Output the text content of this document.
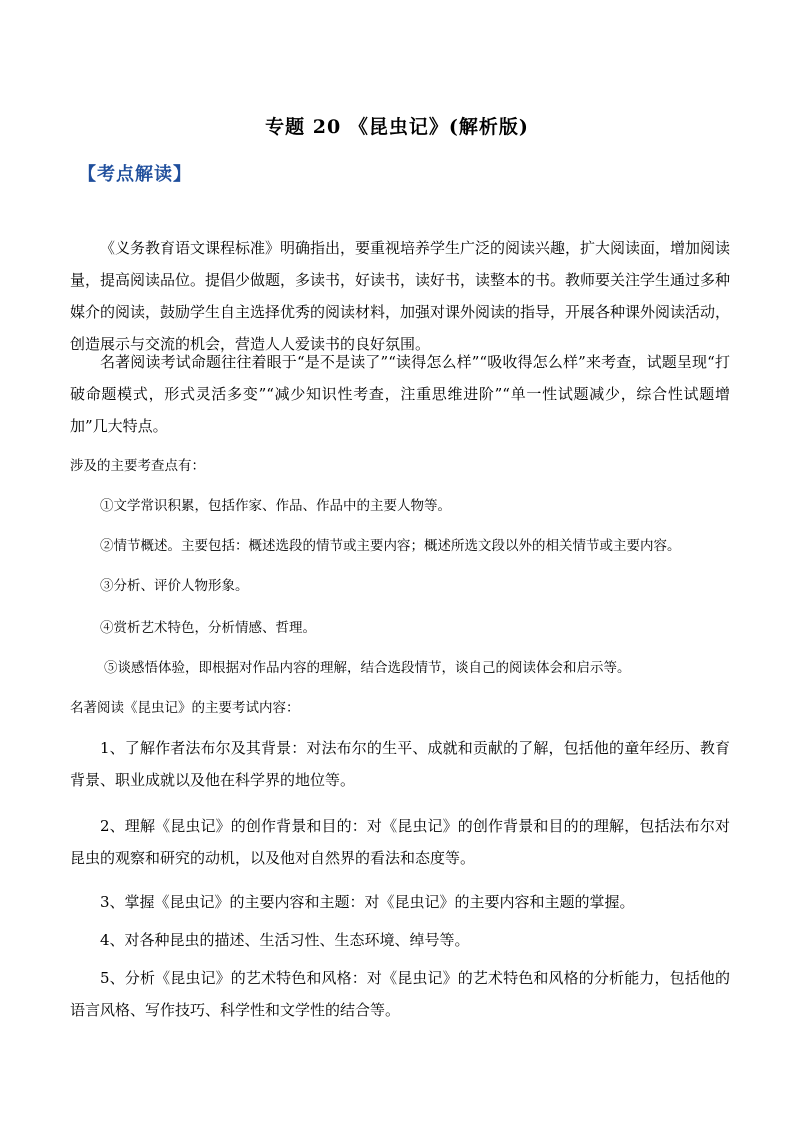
专题 20 《昆虫记》(解析版)
【考点解读】

《义务教育语文课程标准》明确指出，要重视培养学生广泛的阅读兴趣，扩大阅读面，增加阅读量，提高阅读品位。提倡少做题，多读书，好读书，读好书，读整本的书。教师要关注学生通过多种媒介的阅读，鼓励学生自主选择优秀的阅读材料，加强对课外阅读的指导，开展各种课外阅读活动，创造展示与交流的机会，营造人人爱读书的良好氛围。

名著阅读考试命题往往着眼于“是不是读了”“读得怎么样”“吸收得怎么样”来考查，试题呈现“打破命题模式，形式灵活多变”“减少知识性考查，注重思维进阶”“单一性试题减少，综合性试题增加”几大特点。

涉及的主要考查点有：
①文学常识积累，包括作家、作品、作品中的主要人物等。
②情节概述。主要包括：概述选段的情节或主要内容；概述所选文段以外的相关情节或主要内容。
③分析、评价人物形象。
④赏析艺术特色，分析情感、哲理。
⑤谈感悟体验，即根据对作品内容的理解，结合选段情节，谈自己的阅读体会和启示等。
名著阅读《昆虫记》的主要考试内容：

1、了解作者法布尔及其背景：对法布尔的生平、成就和贡献的了解，包括他的童年经历、教育背景、职业成就以及他在科学界的地位等。

2、理解《昆虫记》的创作背景和目的：对《昆虫记》的创作背景和目的的理解，包括法布尔对昆虫的观察和研究的动机，以及他对自然界的看法和态度等。

3、掌握《昆虫记》的主要内容和主题：对《昆虫记》的主要内容和主题的掌握。

4、对各种昆虫的描述、生活习性、生态环境、绰号等。

5、分析《昆虫记》的艺术特色和风格：对《昆虫记》的艺术特色和风格的分析能力，包括他的语言风格、写作技巧、科学性和文学性的结合等。
